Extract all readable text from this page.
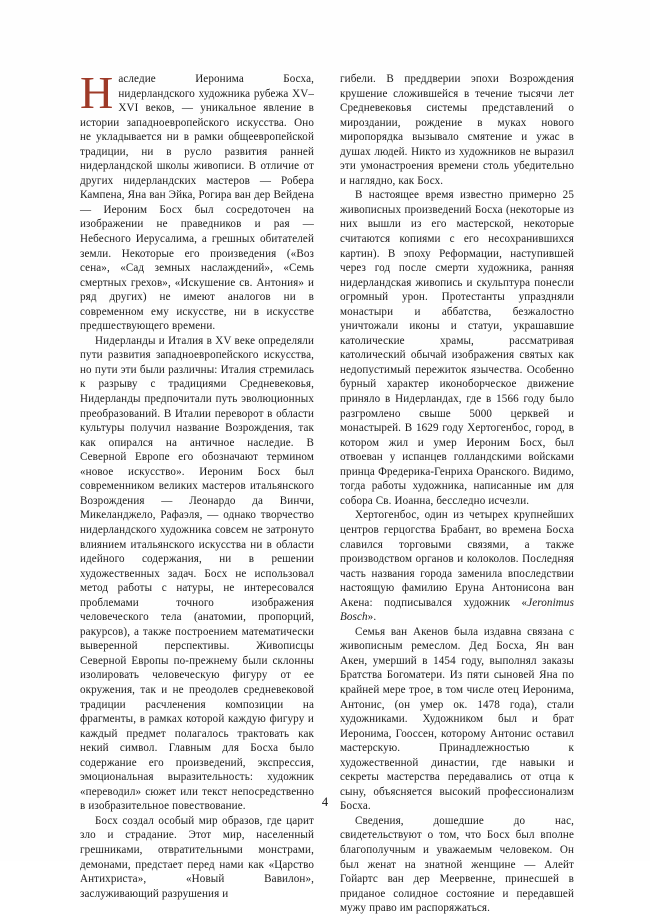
Наследие Иеронима Босха, нидерландского художника рубежа XV–XVI веков, — уникальное явление в истории западноевропейского искусства. Оно не укладывается ни в рамки общеевропейской традиции, ни в русло развития ранней нидерландской школы живописи. В отличие от других нидерландских мастеров — Робера Кампена, Яна ван Эйка, Рогира ван дер Вейдена — Иероним Босх был сосредоточен на изображении не праведников и рая — Небесного Иерусалима, а грешных обитателей земли. Некоторые его произведения («Воз сена», «Сад земных наслаждений», «Семь смертных грехов», «Искушение св. Антония» и ряд других) не имеют аналогов ни в современном ему искусстве, ни в искусстве предшествующего времени.

Нидерланды и Италия в XV веке определяли пути развития западноевропейского искусства, но пути эти были различны: Италия стремилась к разрыву с традициями Средневековья, Нидерланды предпочитали путь эволюционных преобразований. В Италии переворот в области культуры получил название Возрождения, так как опирался на античное наследие. В Северной Европе его обозначают термином «новое искусство». Иероним Босх был современником великих мастеров итальянского Возрождения — Леонардо да Винчи, Микеланджело, Рафаэля, — однако творчество нидерландского художника совсем не затронуто влиянием итальянского искусства ни в области идейного содержания, ни в решении художественных задач. Босх не использовал метод работы с натуры, не интересовался проблемами точного изображения человеческого тела (анатомии, пропорций, ракурсов), а также построением математически выверенной перспективы. Живописцы Северной Европы по-прежнему были склонны изолировать человеческую фигуру от ее окружения, так и не преодолев средневековой традиции расчленения композиции на фрагменты, в рамках которой каждую фигуру и каждый предмет полагалось трактовать как некий символ. Главным для Босха было содержание его произведений, экспрессия, эмоциональная выразительность: художник «переводил» сюжет или текст непосредственно в изобразительное повествование.

Босх создал особый мир образов, где царит зло и страдание. Этот мир, населенный грешниками, отвратительными монстрами, демонами, предстает перед нами как «Царство Антихриста», «Новый Вавилон», заслуживающий разрушения и

гибели. В преддверии эпохи Возрождения крушение сложившейся в течение тысячи лет Средневековья системы представлений о мироздании, рождение в муках нового миропорядка вызывало смятение и ужас в душах людей. Никто из художников не выразил эти умонастроения времени столь убедительно и наглядно, как Босх.

В настоящее время известно примерно 25 живописных произведений Босха (некоторые из них вышли из его мастерской, некоторые считаются копиями с его несохранившихся картин). В эпоху Реформации, наступившей через год после смерти художника, ранняя нидерландская живопись и скульптура понесли огромный урон. Протестанты упраздняли монастыри и аббатства, безжалостно уничтожали иконы и статуи, украшавшие католические храмы, рассматривая католический обычай изображения святых как недопустимый пережиток язычества. Особенно бурный характер иконоборческое движение приняло в Нидерландах, где в 1566 году было разгромлено свыше 5000 церквей и монастырей. В 1629 году Хертогенбос, город, в котором жил и умер Иероним Босх, был отвоеван у испанцев голландскими войсками принца Фредерика-Генриха Оранского. Видимо, тогда работы художника, написанные им для собора Св. Иоанна, бесследно исчезли.

Хертогенбос, один из четырех крупнейших центров герцогства Брабант, во времена Босха славился торговыми связями, а также производством органов и колоколов. Последняя часть названия города заменила впоследствии настоящую фамилию Еруна Антонисона ван Акена: подписывался художник «Jeronimus Bosch».

Семья ван Акенов была издавна связана с живописным ремеслом. Дед Босха, Ян ван Акен, умерший в 1454 году, выполнял заказы Братства Богоматери. Из пяти сыновей Яна по крайней мере трое, в том числе отец Иеронима, Антонис, (он умер ок. 1478 года), стали художниками. Художником был и брат Иеронима, Гооссен, которому Антонис оставил мастерскую. Принадлежностью к художественной династии, где навыки и секреты мастерства передавались от отца к сыну, объясняется высокий профессионализм Босха.

Сведения, дошедшие до нас, свидетельствуют о том, что Босх был вполне благополучным и уважаемым человеком. Он был женат на знатной женщине — Алейт Гойартс ван дер Меервенне, принесшей в приданое солидное состояние и передавшей мужу право им распоряжаться.

4
